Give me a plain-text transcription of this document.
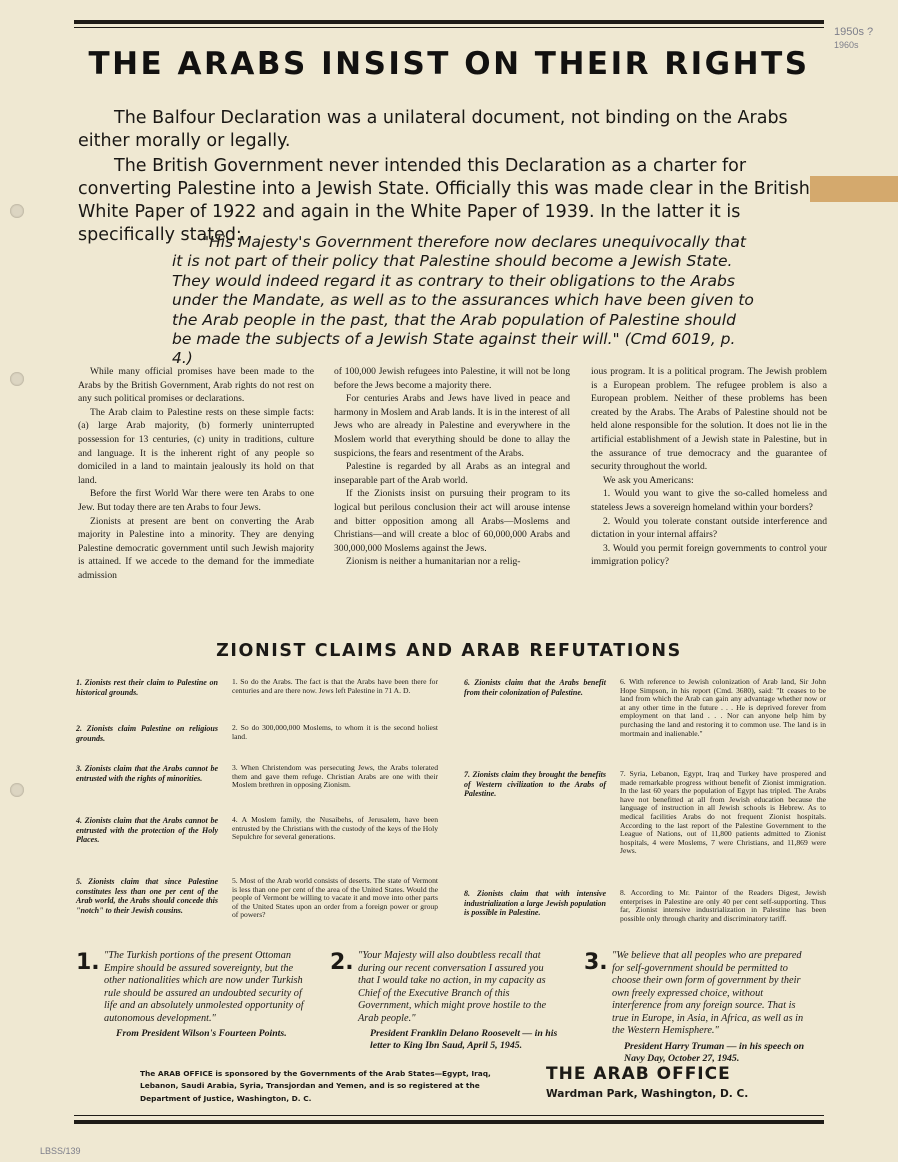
1950s ?
1960s
LBSS/139
THE ARABS INSIST ON THEIR RIGHTS
The Balfour Declaration was a unilateral document, not binding on the Arabs either morally or legally.
The British Government never intended this Declaration as a charter for converting Palestine into a Jewish State. Officially this was made clear in the British White Paper of 1922 and again in the White Paper of 1939. In the latter it is specifically stated:
"His Majesty's Government therefore now declares unequivocally that it is not part of their policy that Palestine should become a Jewish State. They would indeed regard it as contrary to their obligations to the Arabs under the Mandate, as well as to the assurances which have been given to the Arab people in the past, that the Arab population of Palestine should be made the subjects of a Jewish State against their will." (Cmd 6019, p. 4.)

While many official promises have been made to the Arabs by the British Government, Arab rights do not rest on any such political promises or declarations.

The Arab claim to Palestine rests on these simple facts: (a) large Arab majority, (b) formerly uninterrupted possession for 13 centuries, (c) unity in traditions, culture and language. It is the inherent right of any people so domiciled in a land to maintain jealously its hold on that land.

Before the first World War there were ten Arabs to one Jew. But today there are ten Arabs to four Jews.

Zionists at present are bent on converting the Arab majority in Palestine into a minority. They are denying Palestine democratic government until such Jewish majority is attained. If we accede to the demand for the immediate admission

of 100,000 Jewish refugees into Palestine, it will not be long before the Jews become a majority there.

For centuries Arabs and Jews have lived in peace and harmony in Moslem and Arab lands. It is in the interest of all Jews who are already in Palestine and everywhere in the Moslem world that everything should be done to allay the suspicions, the fears and resentment of the Arabs.

Palestine is regarded by all Arabs as an integral and inseparable part of the Arab world.

If the Zionists insist on pursuing their program to its logical but perilous conclusion their act will arouse intense and bitter opposition among all Arabs—Moslems and Christians—and will create a bloc of 60,000,000 Arabs and 300,000,000 Moslems against the Jews.

Zionism is neither a humanitarian nor a relig-

ious program. It is a political program. The Jewish problem is a European problem. The refugee problem is also a European problem. Neither of these problems has been created by the Arabs. The Arabs of Palestine should not be held alone responsible for the solution. It does not lie in the artificial establishment of a Jewish state in Palestine, but in the assurance of true democracy and the guarantee of security throughout the world.

We ask you Americans:

1. Would you want to give the so-called homeless and stateless Jews a sovereign homeland within your borders?

2. Would you tolerate constant outside interference and dictation in your internal affairs?

3. Would you permit foreign governments to control your immigration policy?

ZIONIST CLAIMS AND ARAB REFUTATIONS
1. Zionists rest their claim to Palestine on historical grounds.
1. So do the Arabs. The fact is that the Arabs have been there for centuries and are there now. Jews left Palestine in 71 A. D.
2. Zionists claim Palestine on religious grounds.
2. So do 300,000,000 Moslems, to whom it is the second holiest land.
3. Zionists claim that the Arabs cannot be entrusted with the rights of minorities.
3. When Christendom was persecuting Jews, the Arabs tolerated them and gave them refuge. Christian Arabs are one with their Moslem brethren in opposing Zionism.
4. Zionists claim that the Arabs cannot be entrusted with the protection of the Holy Places.
4. A Moslem family, the Nusaibehs, of Jerusalem, have been entrusted by the Christians with the custody of the keys of the Holy Sepulchre for several generations.
5. Zionists claim that since Palestine constitutes less than one per cent of the Arab world, the Arabs should concede this "notch" to their Jewish cousins.
5. Most of the Arab world consists of deserts. The state of Vermont is less than one per cent of the area of the United States. Would the people of Vermont be willing to vacate it and move into other parts of the United States upon an order from a foreign power or group of powers?
6. Zionists claim that the Arabs benefit from their colonization of Palestine.
6. With reference to Jewish colonization of Arab land, Sir John Hope Simpson, in his report (Cmd. 3680), said: "It ceases to be land from which the Arab can gain any advantage whether now or at any other time in the future . . . He is deprived forever from employment on that land . . . Nor can anyone help him by purchasing the land and restoring it to common use. The land is in mortmain and inalienable."
7. Zionists claim they brought the benefits of Western civilization to the Arabs of Palestine.
7. Syria, Lebanon, Egypt, Iraq and Turkey have prospered and made remarkable progress without benefit of Zionist immigration. In the last 60 years the population of Egypt has tripled. The Arabs have not benefitted at all from Jewish education because the language of instruction in all Jewish schools is Hebrew. As to medical facilities Arabs do not frequent Zionist hospitals. According to the last report of the Palestine Government to the League of Nations, out of 11,800 patients admitted to Zionist hospitals, 4 were Moslems, 7 were Christians, and 11,869 were Jews.
8. Zionists claim that with intensive industrialization a large Jewish population is possible in Palestine.
8. According to Mr. Paintor of the Readers Digest, Jewish enterprises in Palestine are only 40 per cent self-supporting. Thus far, Zionist intensive industrialization in Palestine has been possible only through charity and discriminatory tariff.
1. "The Turkish portions of the present Ottoman Empire should be assured sovereignty, but the other nationalities which are now under Turkish rule should be assured an undoubted security of life and an absolutely unmolested opportunity of autonomous development."
From President Wilson's Fourteen Points.
2. "Your Majesty will also doubtless recall that during our recent conversation I assured you that I would take no action, in my capacity as Chief of the Executive Branch of this Government, which might prove hostile to the Arab people."
President Franklin Delano Roosevelt — in his letter to King Ibn Saud, April 5, 1945.
3. "We believe that all peoples who are prepared for self-government should be permitted to choose their own form of government by their own freely expressed choice, without interference from any foreign source. That is true in Europe, in Asia, in Africa, as well as in the Western Hemisphere."
President Harry Truman — in his speech on Navy Day, October 27, 1945.
The ARAB OFFICE is sponsored by the Governments of the Arab States—Egypt, Iraq, Lebanon, Saudi Arabia, Syria, Transjordan and Yemen, and is so registered at the Department of Justice, Washington, D. C.
THE ARAB OFFICE
Wardman Park, Washington, D. C.
